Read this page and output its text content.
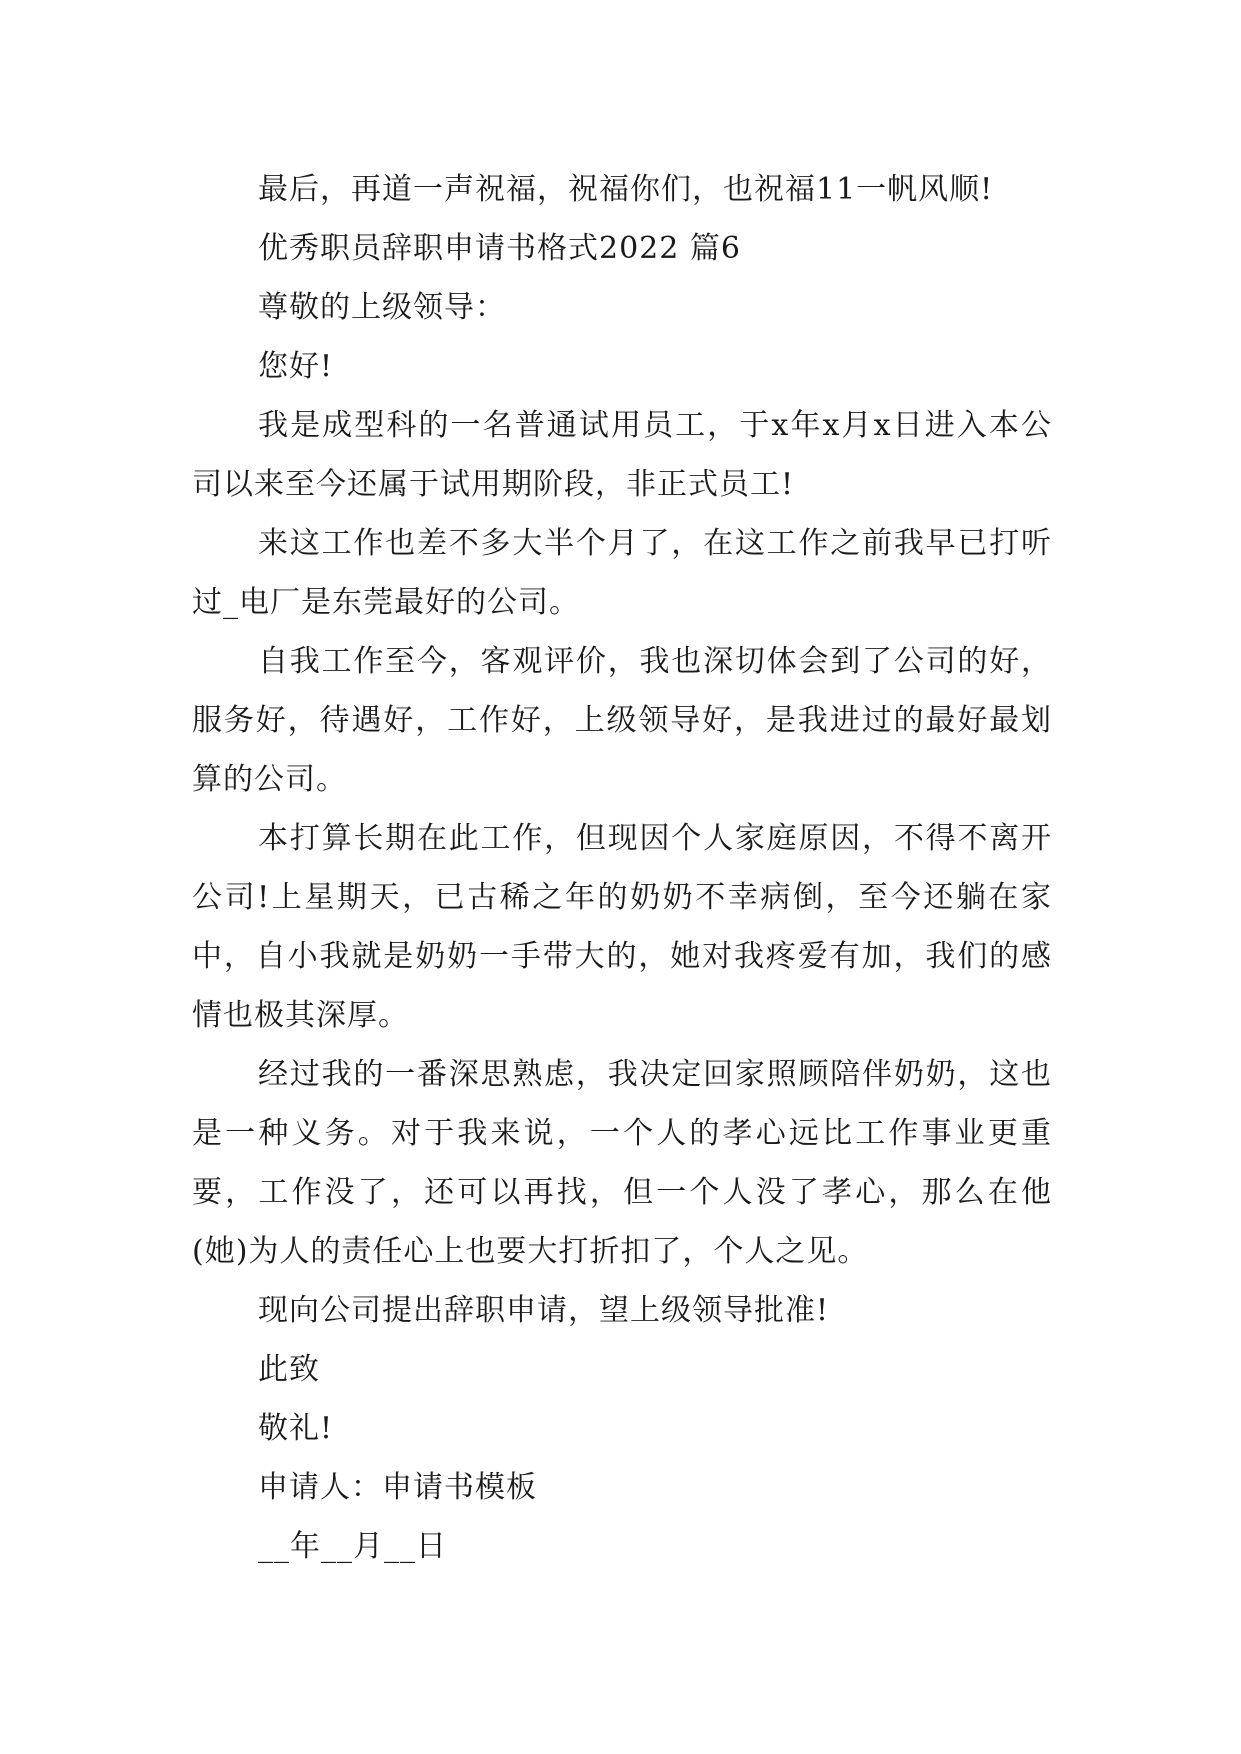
最后，再道一声祝福，祝福你们，也祝福11一帆风顺!

优秀职员辞职申请书格式2022 篇6

尊敬的上级领导：

您好!

我是成型科的一名普通试用员工，于x年x月x日进入本公司以来至今还属于试用期阶段，非正式员工!

来这工作也差不多大半个月了，在这工作之前我早已打听过_电厂是东莞最好的公司。

自我工作至今，客观评价，我也深切体会到了公司的好，服务好，待遇好，工作好，上级领导好，是我进过的最好最划算的公司。

本打算长期在此工作，但现因个人家庭原因，不得不离开公司!上星期天，已古稀之年的奶奶不幸病倒，至今还躺在家中，自小我就是奶奶一手带大的，她对我疼爱有加，我们的感情也极其深厚。

经过我的一番深思熟虑，我决定回家照顾陪伴奶奶，这也是一种义务。对于我来说，一个人的孝心远比工作事业更重要，工作没了，还可以再找，但一个人没了孝心，那么在他(她)为人的责任心上也要大打折扣了，个人之见。

现向公司提出辞职申请，望上级领导批准!

此致

敬礼!

申请人：申请书模板

__年__月__日
